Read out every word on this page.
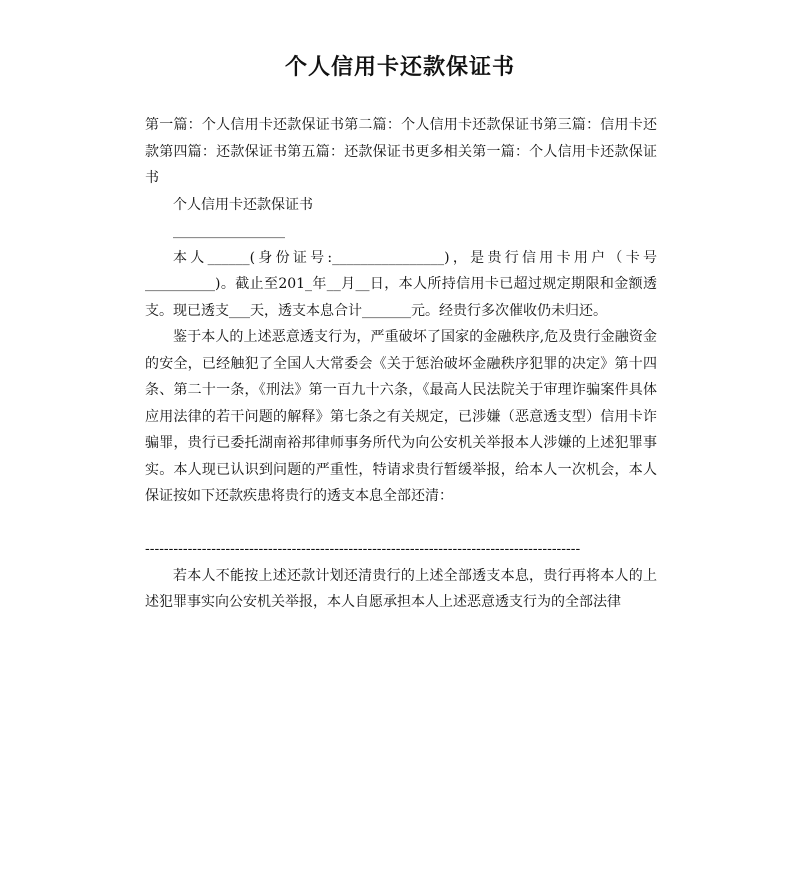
个人信用卡还款保证书

第一篇：个人信用卡还款保证书第二篇：个人信用卡还款保证书第三篇：信用卡还款第四篇：还款保证书第五篇：还款保证书更多相关第一篇：个人信用卡还款保证书

个人信用卡还款保证书

________________

本人______(身份证号:________________)，是贵行信用卡用户（卡号__________)。截止至201_年__月__日，本人所持信用卡已超过规定期限和金额透支。现已透支___天，透支本息合计_______元。经贵行多次催收仍未归还。

鉴于本人的上述恶意透支行为，严重破坏了国家的金融秩序,危及贵行金融资金的安全，已经触犯了全国人大常委会《关于惩治破坏金融秩序犯罪的决定》第十四条、第二十一条，《刑法》第一百九十六条，《最高人民法院关于审理诈骗案件具体应用法律的若干问题的解释》第七条之有关规定，已涉嫌（恶意透支型）信用卡诈骗罪，贵行已委托湖南裕邦律师事务所代为向公安机关举报本人涉嫌的上述犯罪事实。本人现已认识到问题的严重性，特请求贵行暂缓举报，给本人一次机会，本人保证按如下还款疾患将贵行的透支本息全部还清：

--------------------------------------------------------------------------------------------

若本人不能按上述还款计划还清贵行的上述全部透支本息，贵行再将本人的上述犯罪事实向公安机关举报，本人自愿承担本人上述恶意透支行为的全部法律
